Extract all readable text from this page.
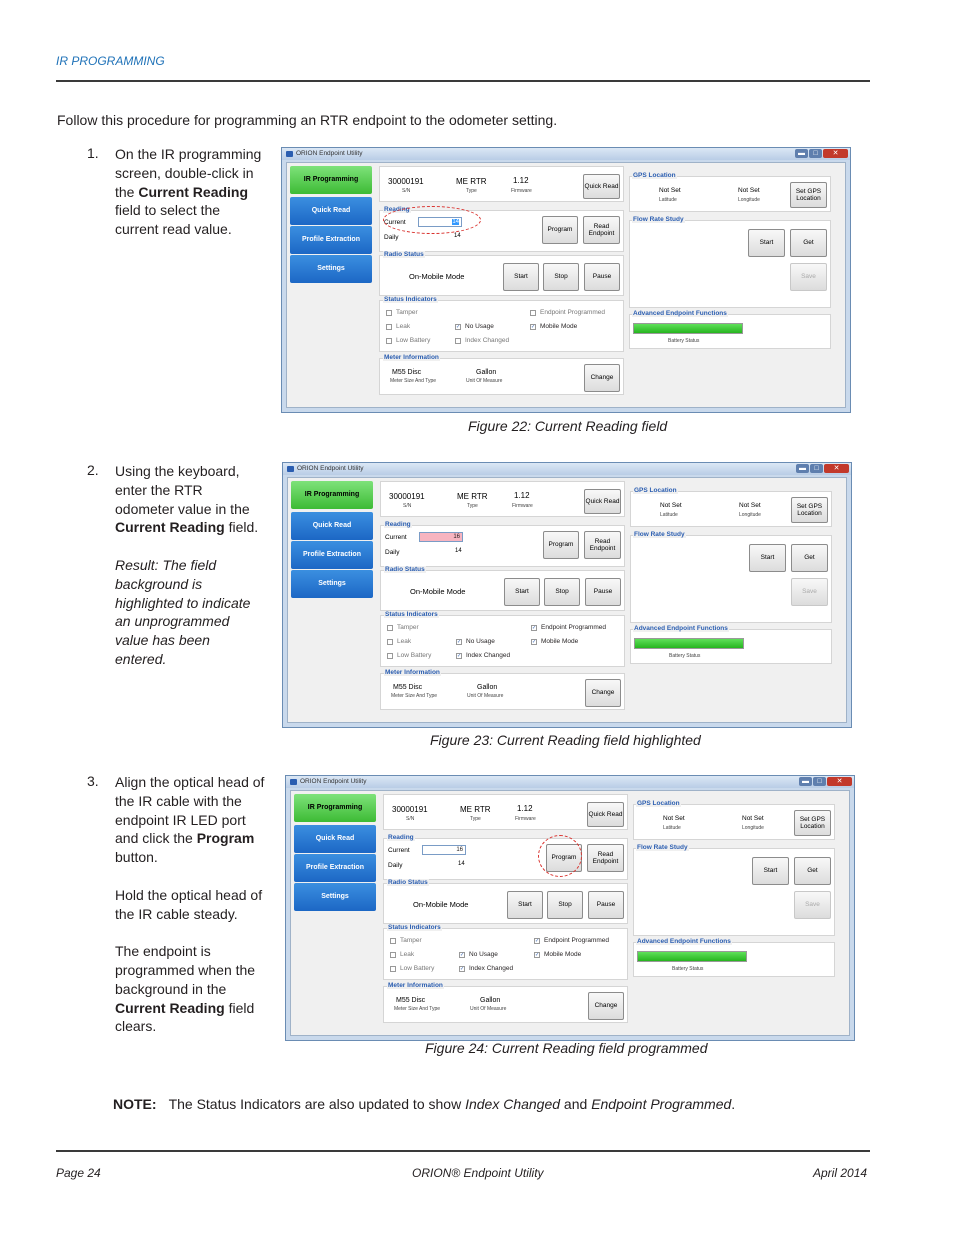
IR PROGRAMMING
Follow this procedure for programming an RTR endpoint to the odometer setting.
1. On the IR programming screen, double-click in the Current Reading field to select the current read value.

2. Using the keyboard, enter the RTR odometer value in the Current Reading field.

Result: The field background is highlighted to indicate an unprogrammed value has been entered.

3. Align the optical head of the IR cable with the endpoint IR LED port and click the Program button.

Hold the optical head of the IR cable steady.

The endpoint is programmed when the background in the Current Reading field clears.

ORION Endpoint Utility	▬	□	✕
IR Programming
Quick Read
Profile Extraction
Settings
30000191
S/N
ME RTR
Type
1.12
Firmware
Quick Read
Current	14
Daily	14
Program
Read Endpoint
Reading
On-Mobile Mode	Start	Stop	Pause
Radio Status
Tamper	Endpoint Programmed
Leak	✓ No Usage	✓ Mobile Mode
Low Battery	Index Changed
Status Indicators
M55 Disc
Meter Size And Type
Gallon
Unit Of Measure	Change
Meter Information
Not Set
Latitude
Not Set
Longitude
Set GPS Location
GPS Location
Start	Get
Save
Flow Rate Study
Battery Status
Advanced Endpoint Functions
Figure 22: Current Reading field
ORION Endpoint Utility	▬	□	✕
IR Programming
Quick Read
Profile Extraction
Settings
30000191
S/N
ME RTR
Type
1.12
Firmware
Quick Read
Current	16
Daily	14
Program
Read Endpoint
Reading
On-Mobile Mode	Start	Stop	Pause
Radio Status
Tamper	✓ Endpoint Programmed
Leak	✓ No Usage	✓ Mobile Mode
Low Battery	✓ Index Changed
Status Indicators
M55 Disc
Meter Size And Type
Gallon
Unit Of Measure	Change
Meter Information
Not Set
Latitude
Not Set
Longitude
Set GPS Location
GPS Location
Start	Get
Save
Flow Rate Study
Battery Status
Advanced Endpoint Functions
Figure 23: Current Reading field highlighted
ORION Endpoint Utility	▬	□	✕
IR Programming
Quick Read
Profile Extraction
Settings
30000191
S/N
ME RTR
Type
1.12
Firmware
Quick Read
Current	16
Daily	14
Program
Read Endpoint
Reading
On-Mobile Mode	Start	Stop	Pause
Radio Status
Tamper	✓ Endpoint Programmed
Leak	✓ No Usage	✓ Mobile Mode
Low Battery	✓ Index Changed
Status Indicators
M55 Disc
Meter Size And Type
Gallon
Unit Of Measure	Change
Meter Information
Not Set
Latitude
Not Set
Longitude
Set GPS Location
GPS Location
Start	Get
Save
Flow Rate Study
Battery Status
Advanced Endpoint Functions
Figure 24: Current Reading field programmed
NOTE: The Status Indicators are also updated to show Index Changed and Endpoint Programmed.
Page 24	ORION® Endpoint Utility	April 2014
